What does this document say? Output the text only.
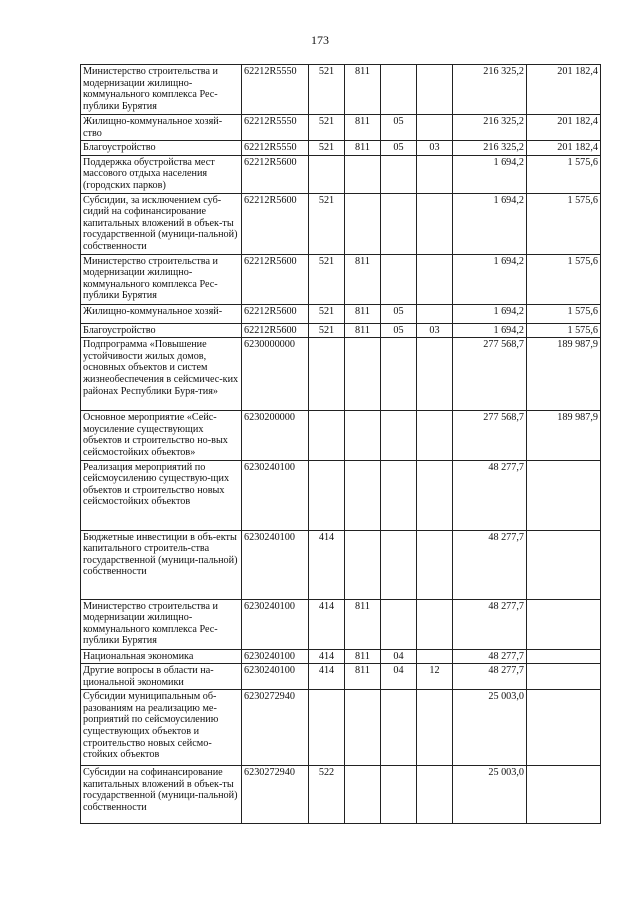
173
Министерство строительства и модернизации жилищно-коммунального комплекса Рес-публики Бурятия	62212R5550	521	811			216 325,2	201 182,4
Жилищно-коммунальное хозяй-ство	62212R5550	521	811	05		216 325,2	201 182,4
Благоустройство	62212R5550	521	811	05	03	216 325,2	201 182,4
Поддержка обустройства мест массового отдыха населения (городских парков)	62212R5600					1 694,2	1 575,6
Субсидии, за исключением суб-сидий на софинансирование капитальных вложений в объек-ты государственной (муници-пальной) собственности	62212R5600	521				1 694,2	1 575,6
Министерство строительства и модернизации жилищно-коммунального комплекса Рес-публики Бурятия	62212R5600	521	811			1 694,2	1 575,6
Жилищно-коммунальное хозяй-	62212R5600	521	811	05		1 694,2	1 575,6
Благоустройство	62212R5600	521	811	05	03	1 694,2	1 575,6
Подпрограмма «Повышение устойчивости жилых домов, основных объектов и систем жизнеобеспечения в сейсмичес-ких районах Республики Буря-тия»	6230000000					277 568,7	189 987,9
Основное мероприятие «Сейс-моусиление существующих объектов и строительство но-вых сейсмостойких объектов»	6230200000					277 568,7	189 987,9
Реализация мероприятий по сейсмоусилению существую-щих объектов и строительство новых сейсмостойких объектов	6230240100					48 277,7	
Бюджетные инвестиции в объ-екты капитального строитель-ства государственной (муници-пальной) собственности	6230240100	414				48 277,7	
Министерство строительства и модернизации жилищно-коммунального комплекса Рес-публики Бурятия	6230240100	414	811			48 277,7	
Национальная экономика	6230240100	414	811	04		48 277,7	
Другие вопросы в области на-циональной экономики	6230240100	414	811	04	12	48 277,7	
Субсидии муниципальным об-разованиям на реализацию ме-роприятий по сейсмоусилению существующих объектов и строительство новых сейсмо-стойких объектов	6230272940					25 003,0	
Субсидии на софинансирование капитальных вложений в объек-ты государственной (муници-пальной) собственности	6230272940	522				25 003,0	
